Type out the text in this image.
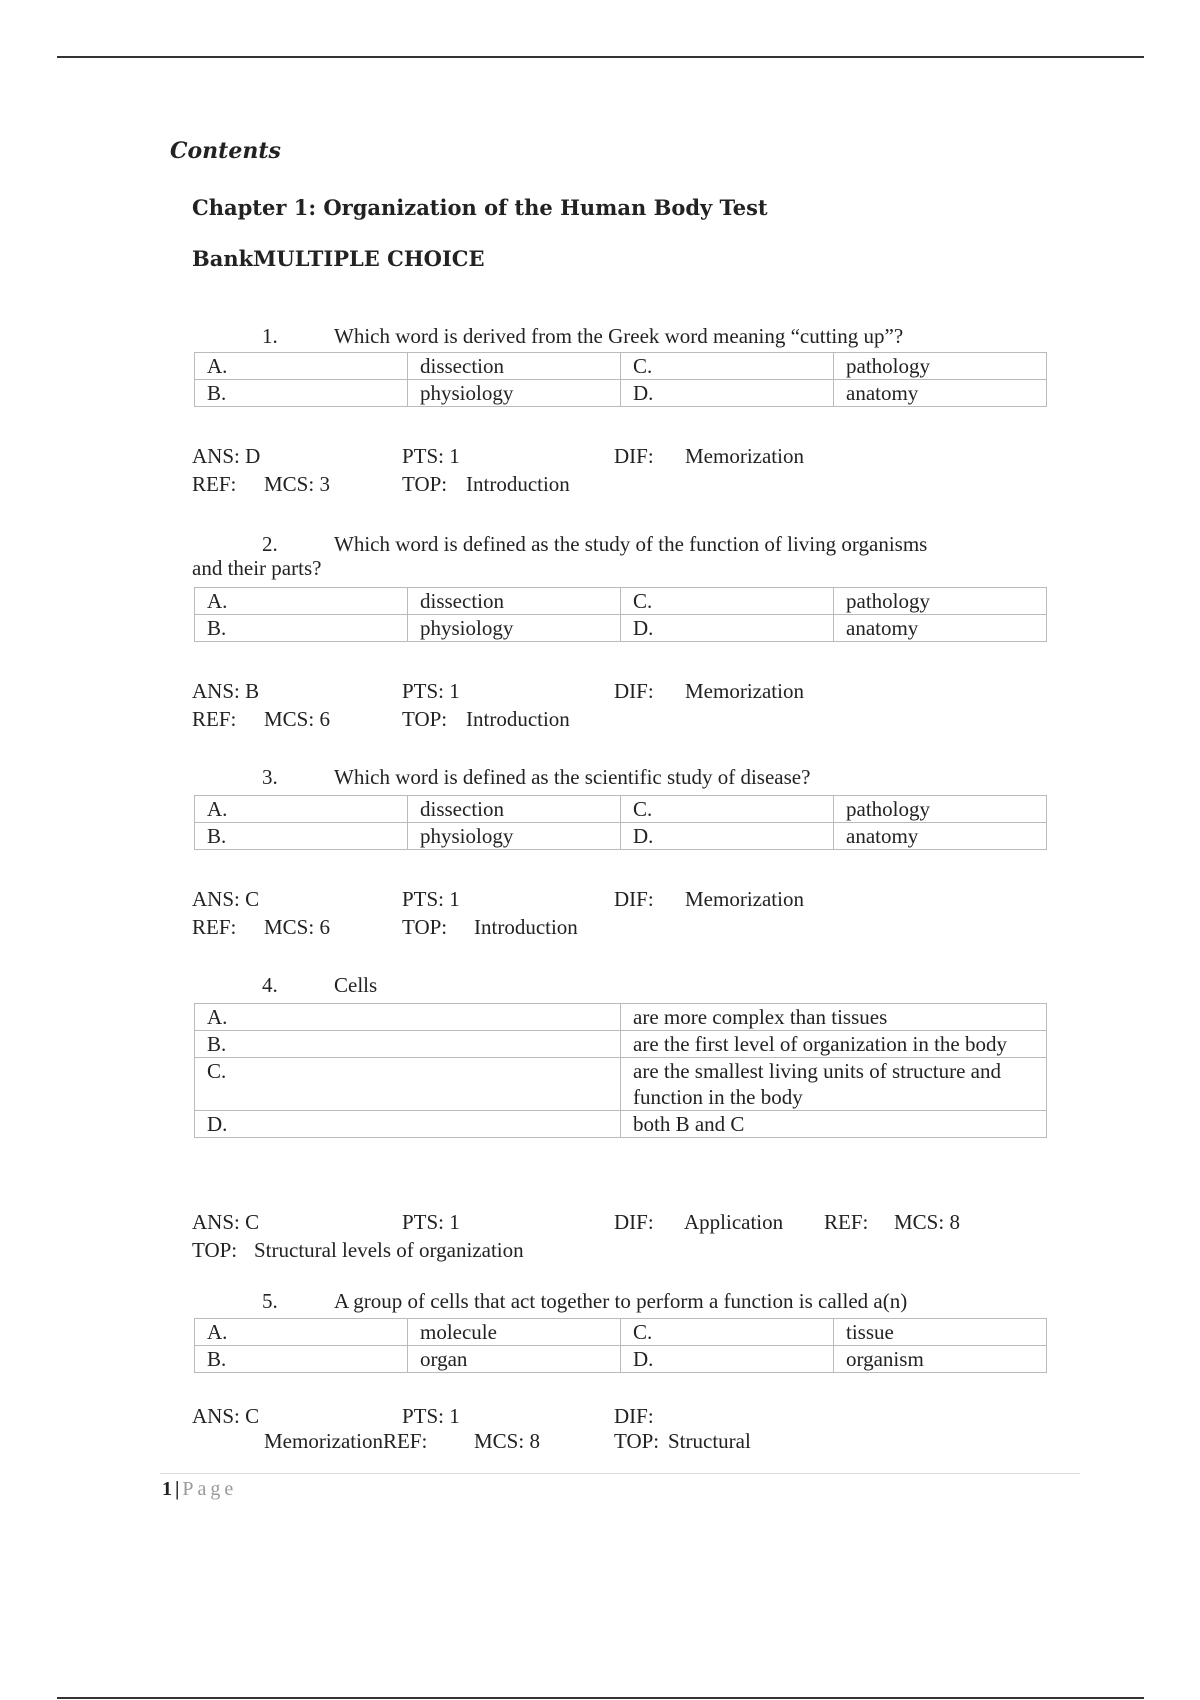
Contents
Chapter 1: Organization of the Human Body Test
BankMULTIPLE CHOICE
1.	Which word is derived from the Greek word meaning “cutting up”?
A.	dissection	C.	pathology
B.	physiology	D.	anatomy
ANS: D	PTS: 1	DIF: Memorization
REF: MCS: 3	TOP: Introduction
2.	Which word is defined as the study of the function of living organisms
and their parts?
A.	dissection	C.	pathology
B.	physiology	D.	anatomy
ANS: B	PTS: 1	DIF: Memorization
REF: MCS: 6	TOP: Introduction
3.	Which word is defined as the scientific study of disease?
A.	dissection	C.	pathology
B.	physiology	D.	anatomy
ANS: C	PTS: 1	DIF: Memorization
REF: MCS: 6	TOP: Introduction
4.	Cells
A.	are more complex than tissues
B.	are the first level of organization in the body
C.	are the smallest living units of structure and function in the body
D.	both B and C
ANS: C	PTS: 1	DIF: Application REF: MCS: 8
TOP: Structural levels of organization
5.	A group of cells that act together to perform a function is called a(n)
A.	molecule	C.	tissue
B.	organ	D.	organism
ANS: C	PTS: 1	DIF:
MemorizationREF: MCS: 8	TOP: Structural
1 | Page
